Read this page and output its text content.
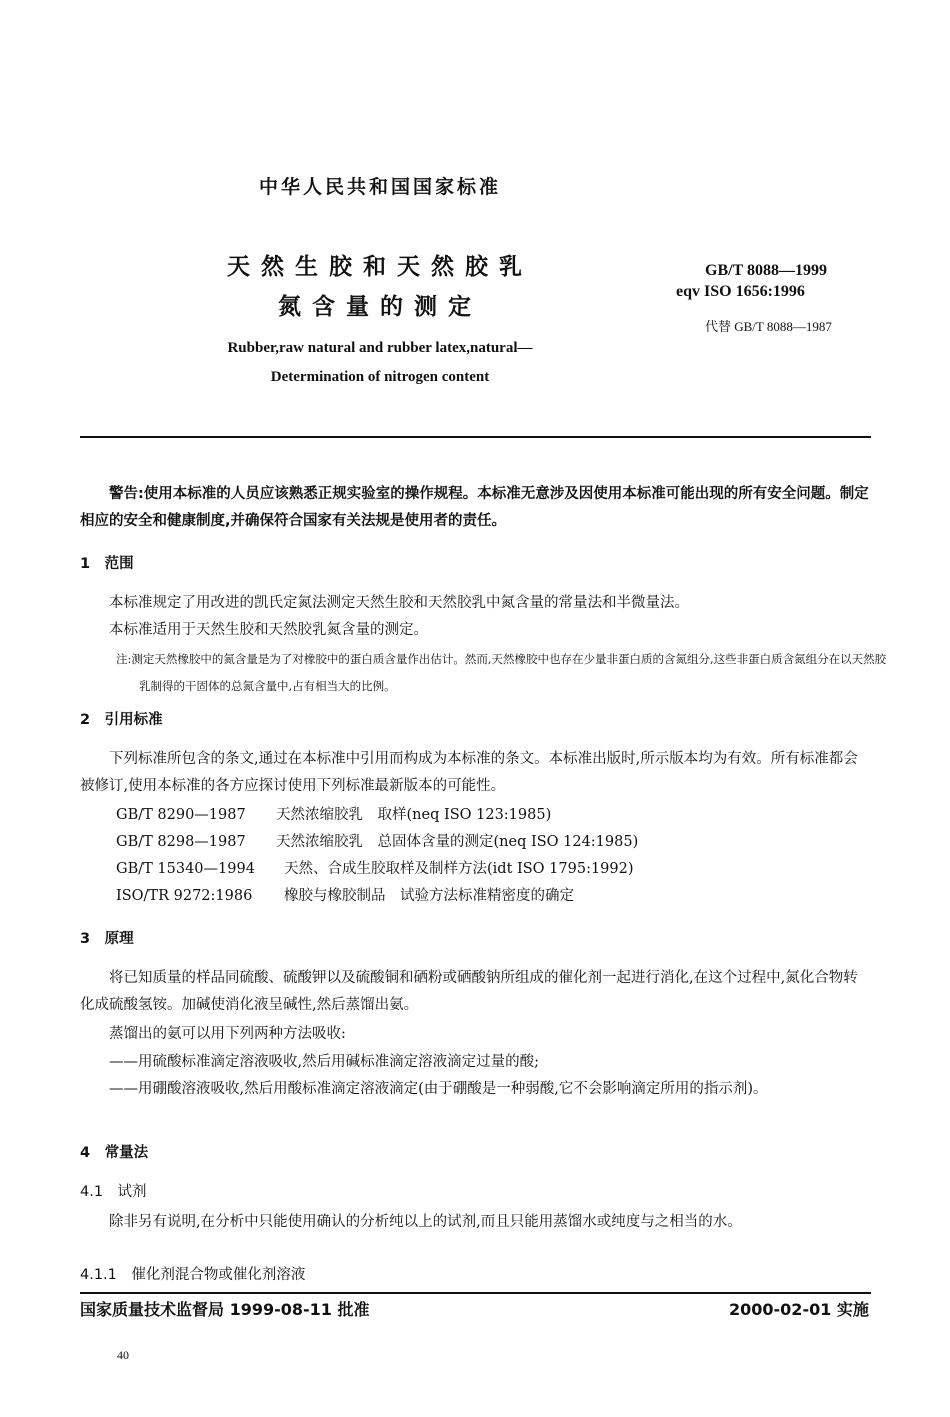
中华人民共和国国家标准
天然生胶和天然胶乳
氮含量的测定
GB/T 8088—1999
eqv ISO 1656:1996
代替 GB/T 8088—1987
Rubber,raw natural and rubber latex,natural—
Determination of nitrogen content
警告:使用本标准的人员应该熟悉正规实验室的操作规程。本标准无意涉及因使用本标准可能出现的所有安全问题。制定相应的安全和健康制度,并确保符合国家有关法规是使用者的责任。
1　范围
本标准规定了用改进的凯氏定氮法测定天然生胶和天然胶乳中氮含量的常量法和半微量法。
本标准适用于天然生胶和天然胶乳氮含量的测定。
注:测定天然橡胶中的氮含量是为了对橡胶中的蛋白质含量作出估计。然而,天然橡胶中也存在少量非蛋白质的含氮组分,这些非蛋白质含氮组分在以天然胶乳制得的干固体的总氮含量中,占有相当大的比例。
2　引用标准
下列标准所包含的条文,通过在本标准中引用而构成为本标准的条文。本标准出版时,所示版本均为有效。所有标准都会被修订,使用本标准的各方应探讨使用下列标准最新版本的可能性。
GB/T 8290—1987 天然浓缩胶乳　取样(neq ISO 123:1985)
GB/T 8298—1987 天然浓缩胶乳　总固体含量的测定(neq ISO 124:1985)
GB/T 15340—1994 天然、合成生胶取样及制样方法(idt ISO 1795:1992)
ISO/TR 9272:1986 橡胶与橡胶制品　试验方法标准精密度的确定
3　原理
将已知质量的样品同硫酸、硫酸钾以及硫酸铜和硒粉或硒酸钠所组成的催化剂一起进行消化,在这个过程中,氮化合物转化成硫酸氢铵。加碱使消化液呈碱性,然后蒸馏出氨。
蒸馏出的氨可以用下列两种方法吸收:
——用硫酸标准滴定溶液吸收,然后用碱标准滴定溶液滴定过量的酸;
——用硼酸溶液吸收,然后用酸标准滴定溶液滴定(由于硼酸是一种弱酸,它不会影响滴定所用的指示剂)。
4　常量法
4.1　试剂
除非另有说明,在分析中只能使用确认的分析纯以上的试剂,而且只能用蒸馏水或纯度与之相当的水。
4.1.1　催化剂混合物或催化剂溶液
国家质量技术监督局 1999-08-11 批准	2000-02-01 实施
40
